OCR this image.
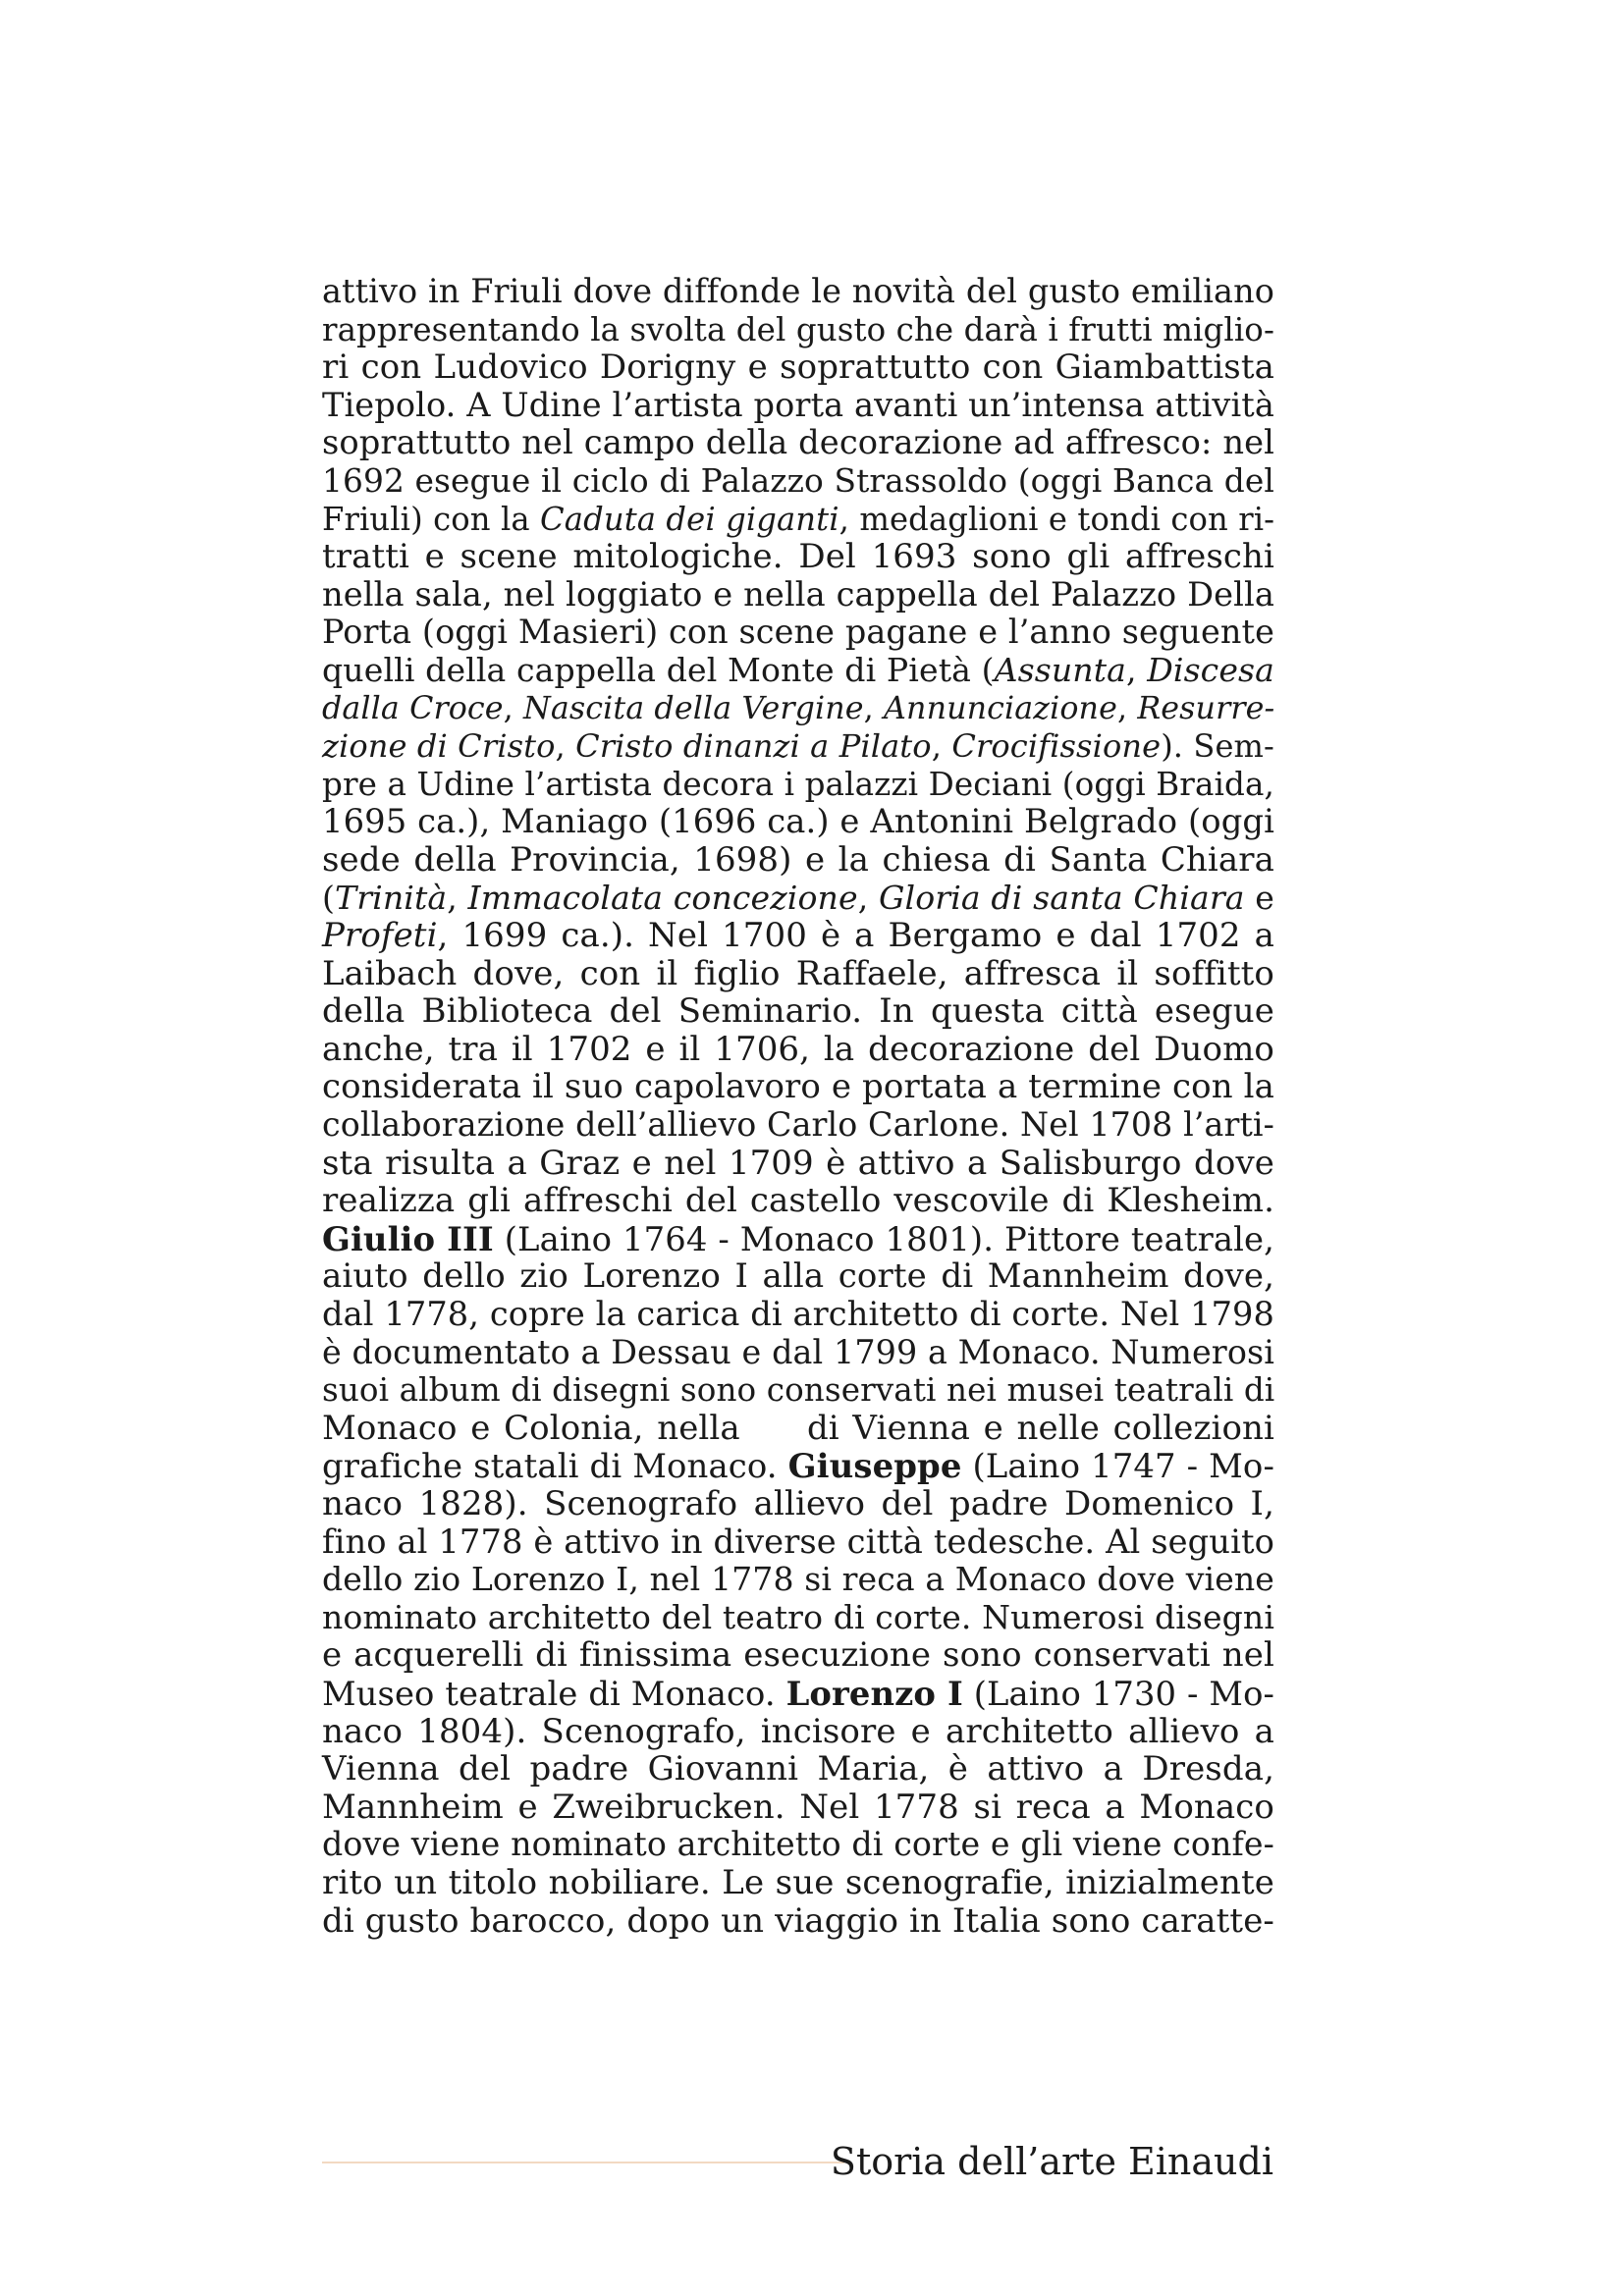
attivo in Friuli dove diffonde le novità del gusto emiliano
rappresentando la svolta del gusto che darà i frutti miglio-
ri con Ludovico Dorigny e soprattutto con Giambattista
Tiepolo. A Udine l’artista porta avanti un’intensa attività
soprattutto nel campo della decorazione ad affresco: nel
1692 esegue il ciclo di Palazzo Strassoldo (oggi Banca del
Friuli) con la Caduta dei giganti, medaglioni e tondi con ri-
tratti e scene mitologiche. Del 1693 sono gli affreschi
nella sala, nel loggiato e nella cappella del Palazzo Della
Porta (oggi Masieri) con scene pagane e l’anno seguente
quelli della cappella del Monte di Pietà (Assunta, Discesa
dalla Croce, Nascita della Vergine, Annunciazione, Resurre-
zione di Cristo, Cristo dinanzi a Pilato, Crocifissione). Sem-
pre a Udine l’artista decora i palazzi Deciani (oggi Braida,
1695 ca.), Maniago (1696 ca.) e Antonini Belgrado (oggi
sede della Provincia, 1698) e la chiesa di Santa Chiara
(Trinità, Immacolata concezione, Gloria di santa Chiara e
Profeti, 1699 ca.). Nel 1700 è a Bergamo e dal 1702 a
Laibach dove, con il figlio Raffaele, affresca il soffitto
della Biblioteca del Seminario. In questa città esegue
anche, tra il 1702 e il 1706, la decorazione del Duomo
considerata il suo capolavoro e portata a termine con la
collaborazione dell’allievo Carlo Carlone. Nel 1708 l’arti-
sta risulta a Graz e nel 1709 è attivo a Salisburgo dove
realizza gli affreschi del castello vescovile di Klesheim.
Giulio III (Laino 1764 - Monaco 1801). Pittore teatrale,
aiuto dello zio Lorenzo I alla corte di Mannheim dove,
dal 1778, copre la carica di architetto di corte. Nel 1798
è documentato a Dessau e dal 1799 a Monaco. Numerosi
suoi album di disegni sono conservati nei musei teatrali di
Monaco e Colonia, nella     di Vienna e nelle collezioni
grafiche statali di Monaco. Giuseppe (Laino 1747 - Mo-
naco 1828). Scenografo allievo del padre Domenico I,
fino al 1778 è attivo in diverse città tedesche. Al seguito
dello zio Lorenzo I, nel 1778 si reca a Monaco dove viene
nominato architetto del teatro di corte. Numerosi disegni
e acquerelli di finissima esecuzione sono conservati nel
Museo teatrale di Monaco. Lorenzo I (Laino 1730 - Mo-
naco 1804). Scenografo, incisore e architetto allievo a
Vienna del padre Giovanni Maria, è attivo a Dresda,
Mannheim e Zweibrucken. Nel 1778 si reca a Monaco
dove viene nominato architetto di corte e gli viene confe-
rito un titolo nobiliare. Le sue scenografie, inizialmente
di gusto barocco, dopo un viaggio in Italia sono caratte-
Storia dell’arte Einaudi
